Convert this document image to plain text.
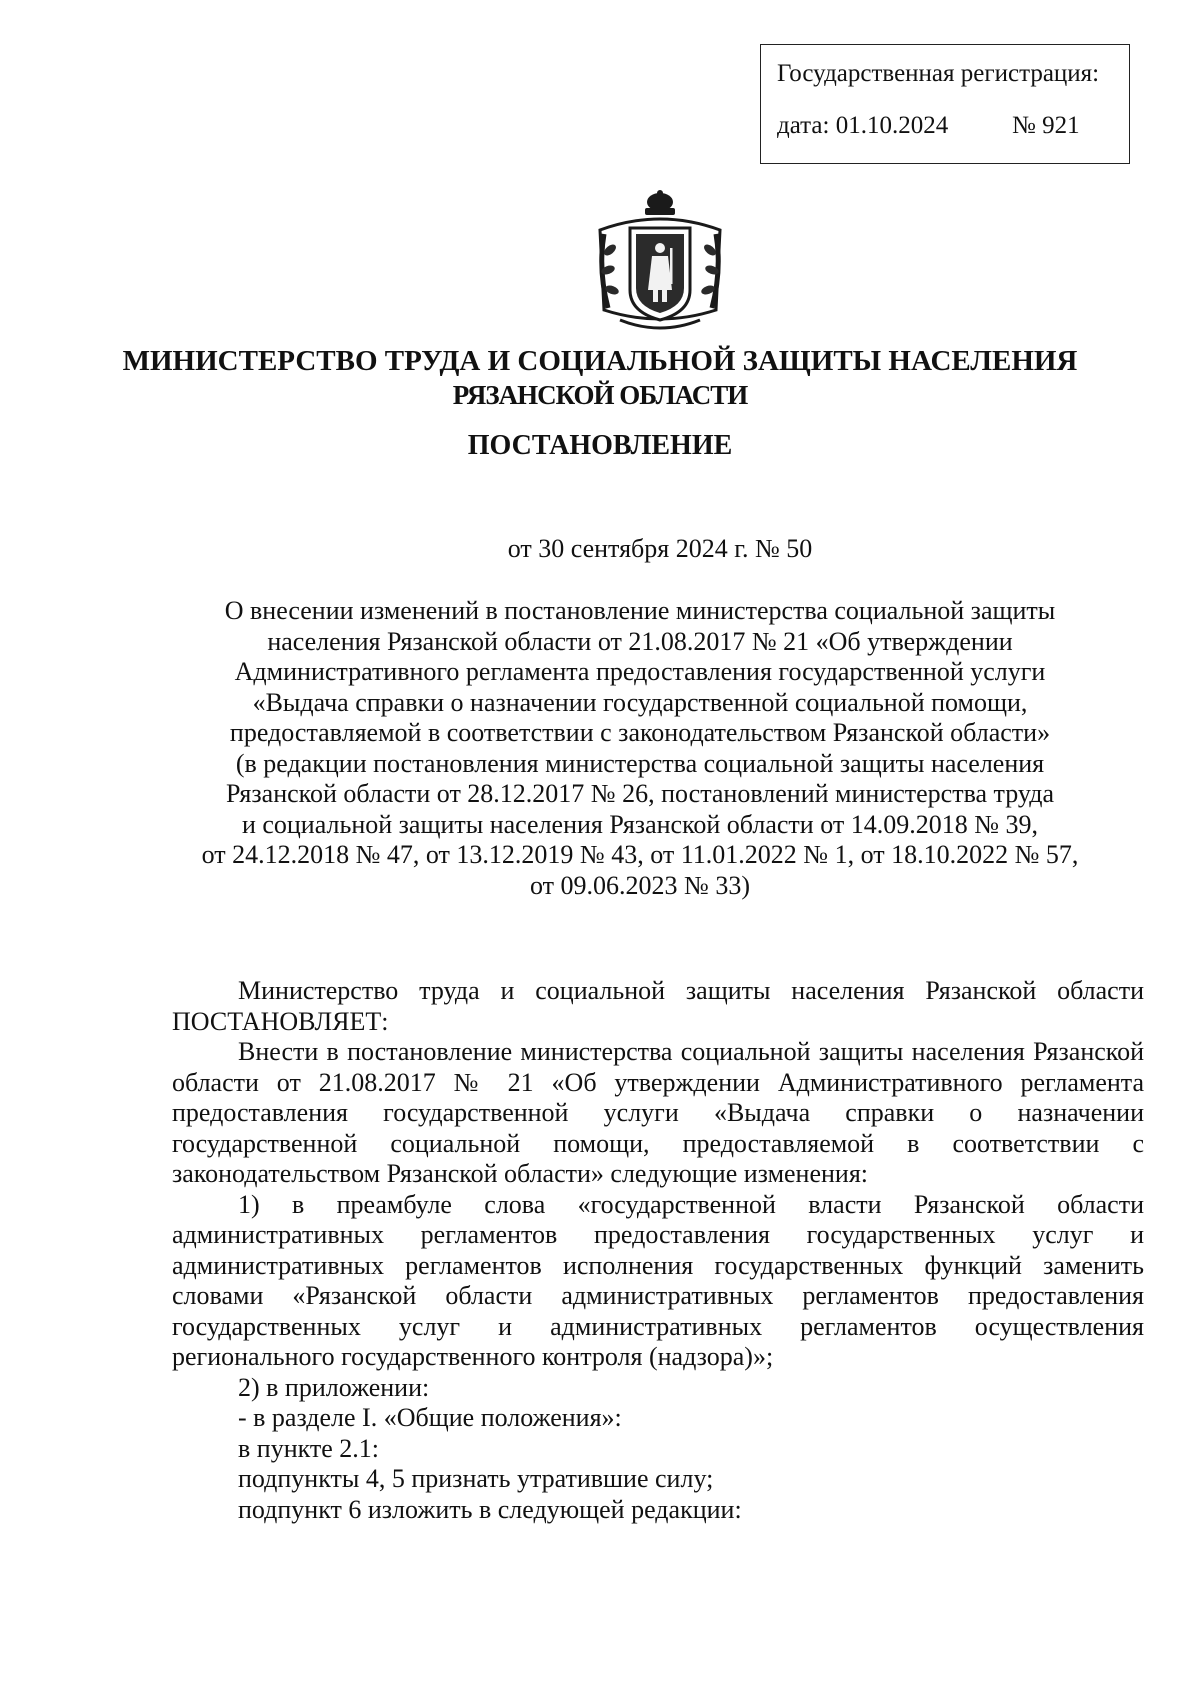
Государственная регистрация:
дата: 01.10.2024	№ 921
МИНИСТЕРСТВО ТРУДА И СОЦИАЛЬНОЙ ЗАЩИТЫ НАСЕЛЕНИЯ
РЯЗАНСКОЙ ОБЛАСТИ
ПОСТАНОВЛЕНИЕ
от 30 сентября 2024 г. № 50
О внесении изменений в постановление министерства социальной защиты
населения Рязанской области от 21.08.2017 № 21 «Об утверждении
Административного регламента предоставления государственной услуги
«Выдача справки о назначении государственной социальной помощи,
предоставляемой в соответствии с законодательством Рязанской области»
(в редакции постановления министерства социальной защиты населения
Рязанской области от 28.12.2017 № 26, постановлений министерства труда
и социальной защиты населения Рязанской области от 14.09.2018 № 39,
от 24.12.2018 № 47, от 13.12.2019 № 43, от 11.01.2022 № 1, от 18.10.2022 № 57,
от 09.06.2023 № 33)

Министерство труда и социальной защиты населения Рязанской области ПОСТАНОВЛЯЕТ:

Внести в постановление министерства социальной защиты населения Рязанской области от 21.08.2017 № 21 «Об утверждении Административного регламента предоставления государственной услуги «Выдача справки о назначении государственной социальной помощи, предоставляемой в соответствии с законодательством Рязанской области» следующие изменения:

1) в преамбуле слова «государственной власти Рязанской области административных регламентов предоставления государственных услуг и административных регламентов исполнения государственных функций заменить словами «Рязанской области административных регламентов предоставления государственных услуг и административных регламентов осуществления регионального государственного контроля (надзора)»;

2) в приложении:

- в разделе I. «Общие положения»:

в пункте 2.1:

подпункты 4, 5 признать утратившие силу;

подпункт 6 изложить в следующей редакции:
